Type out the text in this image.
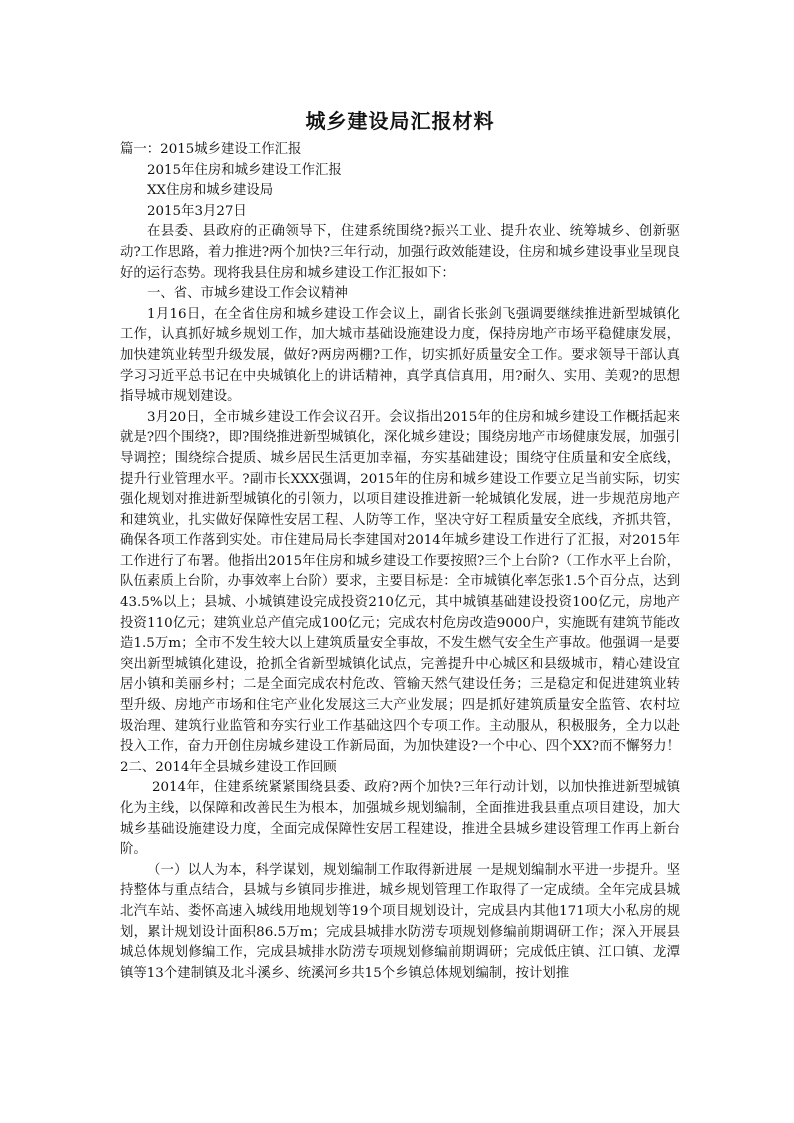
城乡建设局汇报材料

篇一：2015城乡建设工作汇报

2015年住房和城乡建设工作汇报

XX住房和城乡建设局

2015年3月27日

在县委、县政府的正确领导下，住建系统围绕?振兴工业、提升农业、统筹城乡、创新驱动?工作思路，着力推进?两个加快?三年行动，加强行政效能建设，住房和城乡建设事业呈现良好的运行态势。现将我县住房和城乡建设工作汇报如下：

一、省、市城乡建设工作会议精神

1月16日，在全省住房和城乡建设工作会议上，副省长张剑飞强调要继续推进新型城镇化工作，认真抓好城乡规划工作，加大城市基础设施建设力度，保持房地产市场平稳健康发展，加快建筑业转型升级发展，做好?两房两棚?工作，切实抓好质量安全工作。要求领导干部认真学习习近平总书记在中央城镇化上的讲话精神，真学真信真用，用?耐久、实用、美观?的思想指导城市规划建设。

3月20日，全市城乡建设工作会议召开。会议指出2015年的住房和城乡建设工作概括起来就是?四个围绕?，即?围绕推进新型城镇化，深化城乡建设；围绕房地产市场健康发展，加强引导调控；围绕综合提质、城乡居民生活更加幸福，夯实基础建设；围绕守住质量和安全底线，提升行业管理水平。?副市长XXX强调，2015年的住房和城乡建设工作要立足当前实际，切实强化规划对推进新型城镇化的引领力，以项目建设推进新一轮城镇化发展，进一步规范房地产和建筑业，扎实做好保障性安居工程、人防等工作，坚决守好工程质量安全底线，齐抓共管，确保各项工作落到实处。市住建局局长李建国对2014年城乡建设工作进行了汇报，对2015年工作进行了布署。他指出2015年住房和城乡建设工作要按照?三个上台阶?（工作水平上台阶，队伍素质上台阶，办事效率上台阶）要求，主要目标是：全市城镇化率怎张1.5个百分点，达到43.5%以上；县城、小城镇建设完成投资210亿元，其中城镇基础建设投资100亿元，房地产投资110亿元；建筑业总产值完成100亿元；完成农村危房改造9000户，实施既有建筑节能改造1.5万m；全市不发生较大以上建筑质量安全事故，不发生燃气安全生产事故。他强调一是要突出新型城镇化建设，抢抓全省新型城镇化试点，完善提升中心城区和县级城市，精心建设宜居小镇和美丽乡村；二是全面完成农村危改、管输天然气建设任务；三是稳定和促进建筑业转型升级、房地产市场和住宅产业化发展这三大产业发展；四是抓好建筑质量安全监管、农村垃圾治理、建筑行业监管和夯实行业工作基础这四个专项工作。主动服从，积极服务，全力以赴投入工作，奋力开创住房城乡建设工作新局面，为加快建设?一个中心、四个XX?而不懈努力！ 2二、2014年全县城乡建设工作回顾

2014年，住建系统紧紧围绕县委、政府?两个加快?三年行动计划，以加快推进新型城镇化为主线，以保障和改善民生为根本，加强城乡规划编制，全面推进我县重点项目建设，加大城乡基础设施建设力度，全面完成保障性安居工程建设，推进全县城乡建设管理工作再上新台阶。

（一）以人为本，科学谋划，规划编制工作取得新进展 一是规划编制水平进一步提升。坚持整体与重点结合，县城与乡镇同步推进，城乡规划管理工作取得了一定成绩。全年完成县城北汽车站、娄怀高速入城线用地规划等19个项目规划设计，完成县内其他171项大小私房的规划，累计规划设计面积86.5万m；完成县城排水防涝专项规划修编前期调研工作；深入开展县城总体规划修编工作，完成县城排水防涝专项规划修编前期调研；完成低庄镇、江口镇、龙潭镇等13个建制镇及北斗溪乡、统溪河乡共15个乡镇总体规划编制，按计划推
